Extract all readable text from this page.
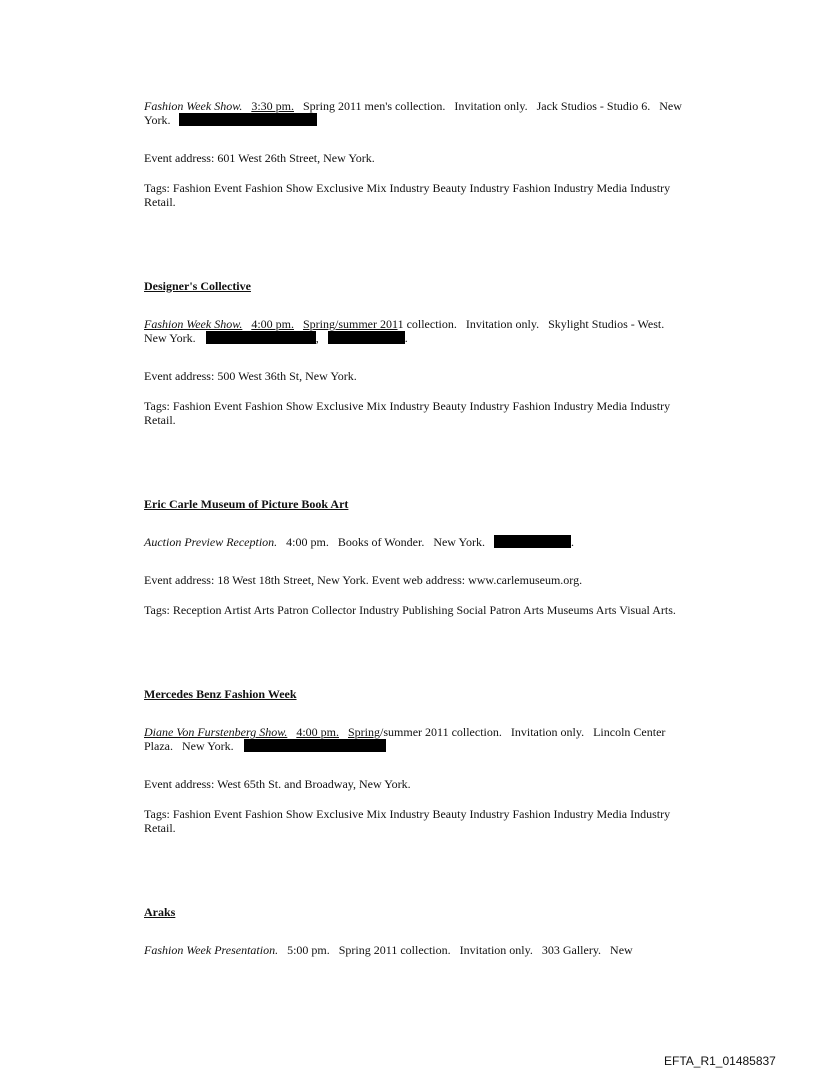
Fashion Week Show. 3:30 pm. Spring 2011 men's collection.   Invitation only.   Jack Studios - Studio 6.   New
York.
Event address: 601 West 26th Street, New York.
Tags: Fashion Event Fashion Show Exclusive Mix Industry Beauty Industry Fashion Industry Media Industry
Retail.
Designer's Collective
Fashion Week Show. 4:00 pm. Spring/summer 2011 collection.   Invitation only.   Skylight Studios - West.
New York.	,	.
Event address: 500 West 36th St, New York.
Tags: Fashion Event Fashion Show Exclusive Mix Industry Beauty Industry Fashion Industry Media Industry
Retail.
Eric Carle Museum of Picture Book Art
Auction Preview Reception. 4:00 pm.   Books of Wonder.   New York.	.
Event address: 18 West 18th Street, New York. Event web address: www.carlemuseum.org.
Tags: Reception Artist Arts Patron Collector Industry Publishing Social Patron Arts Museums Arts Visual Arts.
Mercedes Benz Fashion Week
Diane Von Furstenberg Show. 4:00 pm. Spring/summer 2011 collection.   Invitation only.   Lincoln Center
Plaza.   New York.
Event address: West 65th St. and Broadway, New York.
Tags: Fashion Event Fashion Show Exclusive Mix Industry Beauty Industry Fashion Industry Media Industry
Retail.
Araks
Fashion Week Presentation. 5:00 pm.   Spring 2011 collection.   Invitation only.   303 Gallery.   New
EFTA_R1_01485837
